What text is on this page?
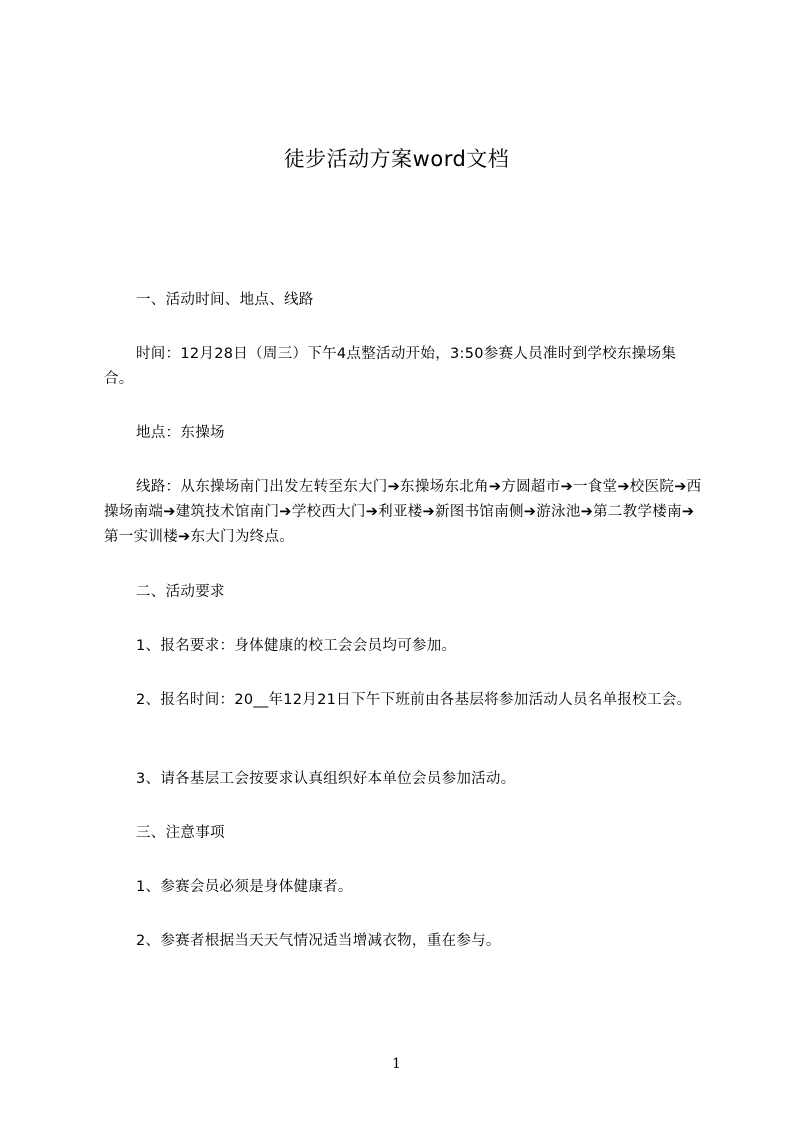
徒步活动方案word文档
一、活动时间、地点、线路
时间：12月28日（周三）下午4点整活动开始，3:50参赛人员准时到学校东操场集合。
地点：东操场
线路：从东操场南门出发左转至东大门➔东操场东北角➔方圆超市➔一食堂➔校医院➔西操场南端➔建筑技术馆南门➔学校西大门➔利亚楼➔新图书馆南侧➔游泳池➔第二教学楼南➔第一实训楼➔东大门为终点。
二、活动要求
1、报名要求：身体健康的校工会会员均可参加。
2、报名时间：20__年12月21日下午下班前由各基层将参加活动人员名单报校工会。
3、请各基层工会按要求认真组织好本单位会员参加活动。
三、注意事项
1、参赛会员必须是身体健康者。
2、参赛者根据当天天气情况适当增减衣物，重在参与。
1
